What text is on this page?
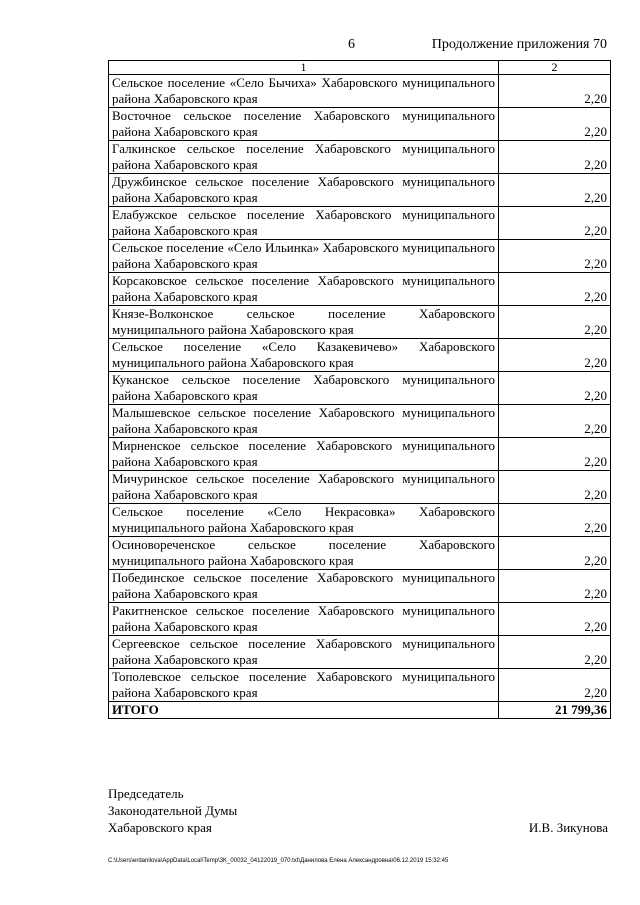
6	Продолжение приложения 70
1	2
Сельское поселение «Село Бычиха» Хабаровского муниципального района Хабаровского края	2,20
Восточное сельское поселение Хабаровского муниципального района Хабаровского края	2,20
Галкинское сельское поселение Хабаровского муниципального района Хабаровского края	2,20
Дружбинское сельское поселение Хабаровского муниципального района Хабаровского края	2,20
Елабужское сельское поселение Хабаровского муниципального района Хабаровского края	2,20
Сельское поселение «Село Ильинка» Хабаровского муниципального района Хабаровского края	2,20
Корсаковское сельское поселение Хабаровского муниципального района Хабаровского края	2,20
Князе-Волконское сельское поселение Хабаровского муниципального района Хабаровского края	2,20
Сельское поселение «Село Казакевичево» Хабаровского муниципального района Хабаровского края	2,20
Куканское сельское поселение Хабаровского муниципального района Хабаровского края	2,20
Малышевское сельское поселение Хабаровского муниципального района Хабаровского края	2,20
Мирненское сельское поселение Хабаровского муниципального района Хабаровского края	2,20
Мичуринское сельское поселение Хабаровского муниципального района Хабаровского края	2,20
Сельское поселение «Село Некрасовка» Хабаровского муниципального района Хабаровского края	2,20
Осиновореченское сельское поселение Хабаровского муниципального района Хабаровского края	2,20
Побединское сельское поселение Хабаровского муниципального района Хабаровского края	2,20
Ракитненское сельское поселение Хабаровского муниципального района Хабаровского края	2,20
Сергеевское сельское поселение Хабаровского муниципального района Хабаровского края	2,20
Тополевское сельское поселение Хабаровского муниципального района Хабаровского края	2,20
ИТОГО	21 799,36
Председатель
Законодательной Думы
Хабаровского края	И.В. Зикунова
C:\Users\erdanilova\AppData\Local\Temp\3K_00032_04122019_070.txt\Данилова Елена Александровна\06.12.2019 15:32:45
